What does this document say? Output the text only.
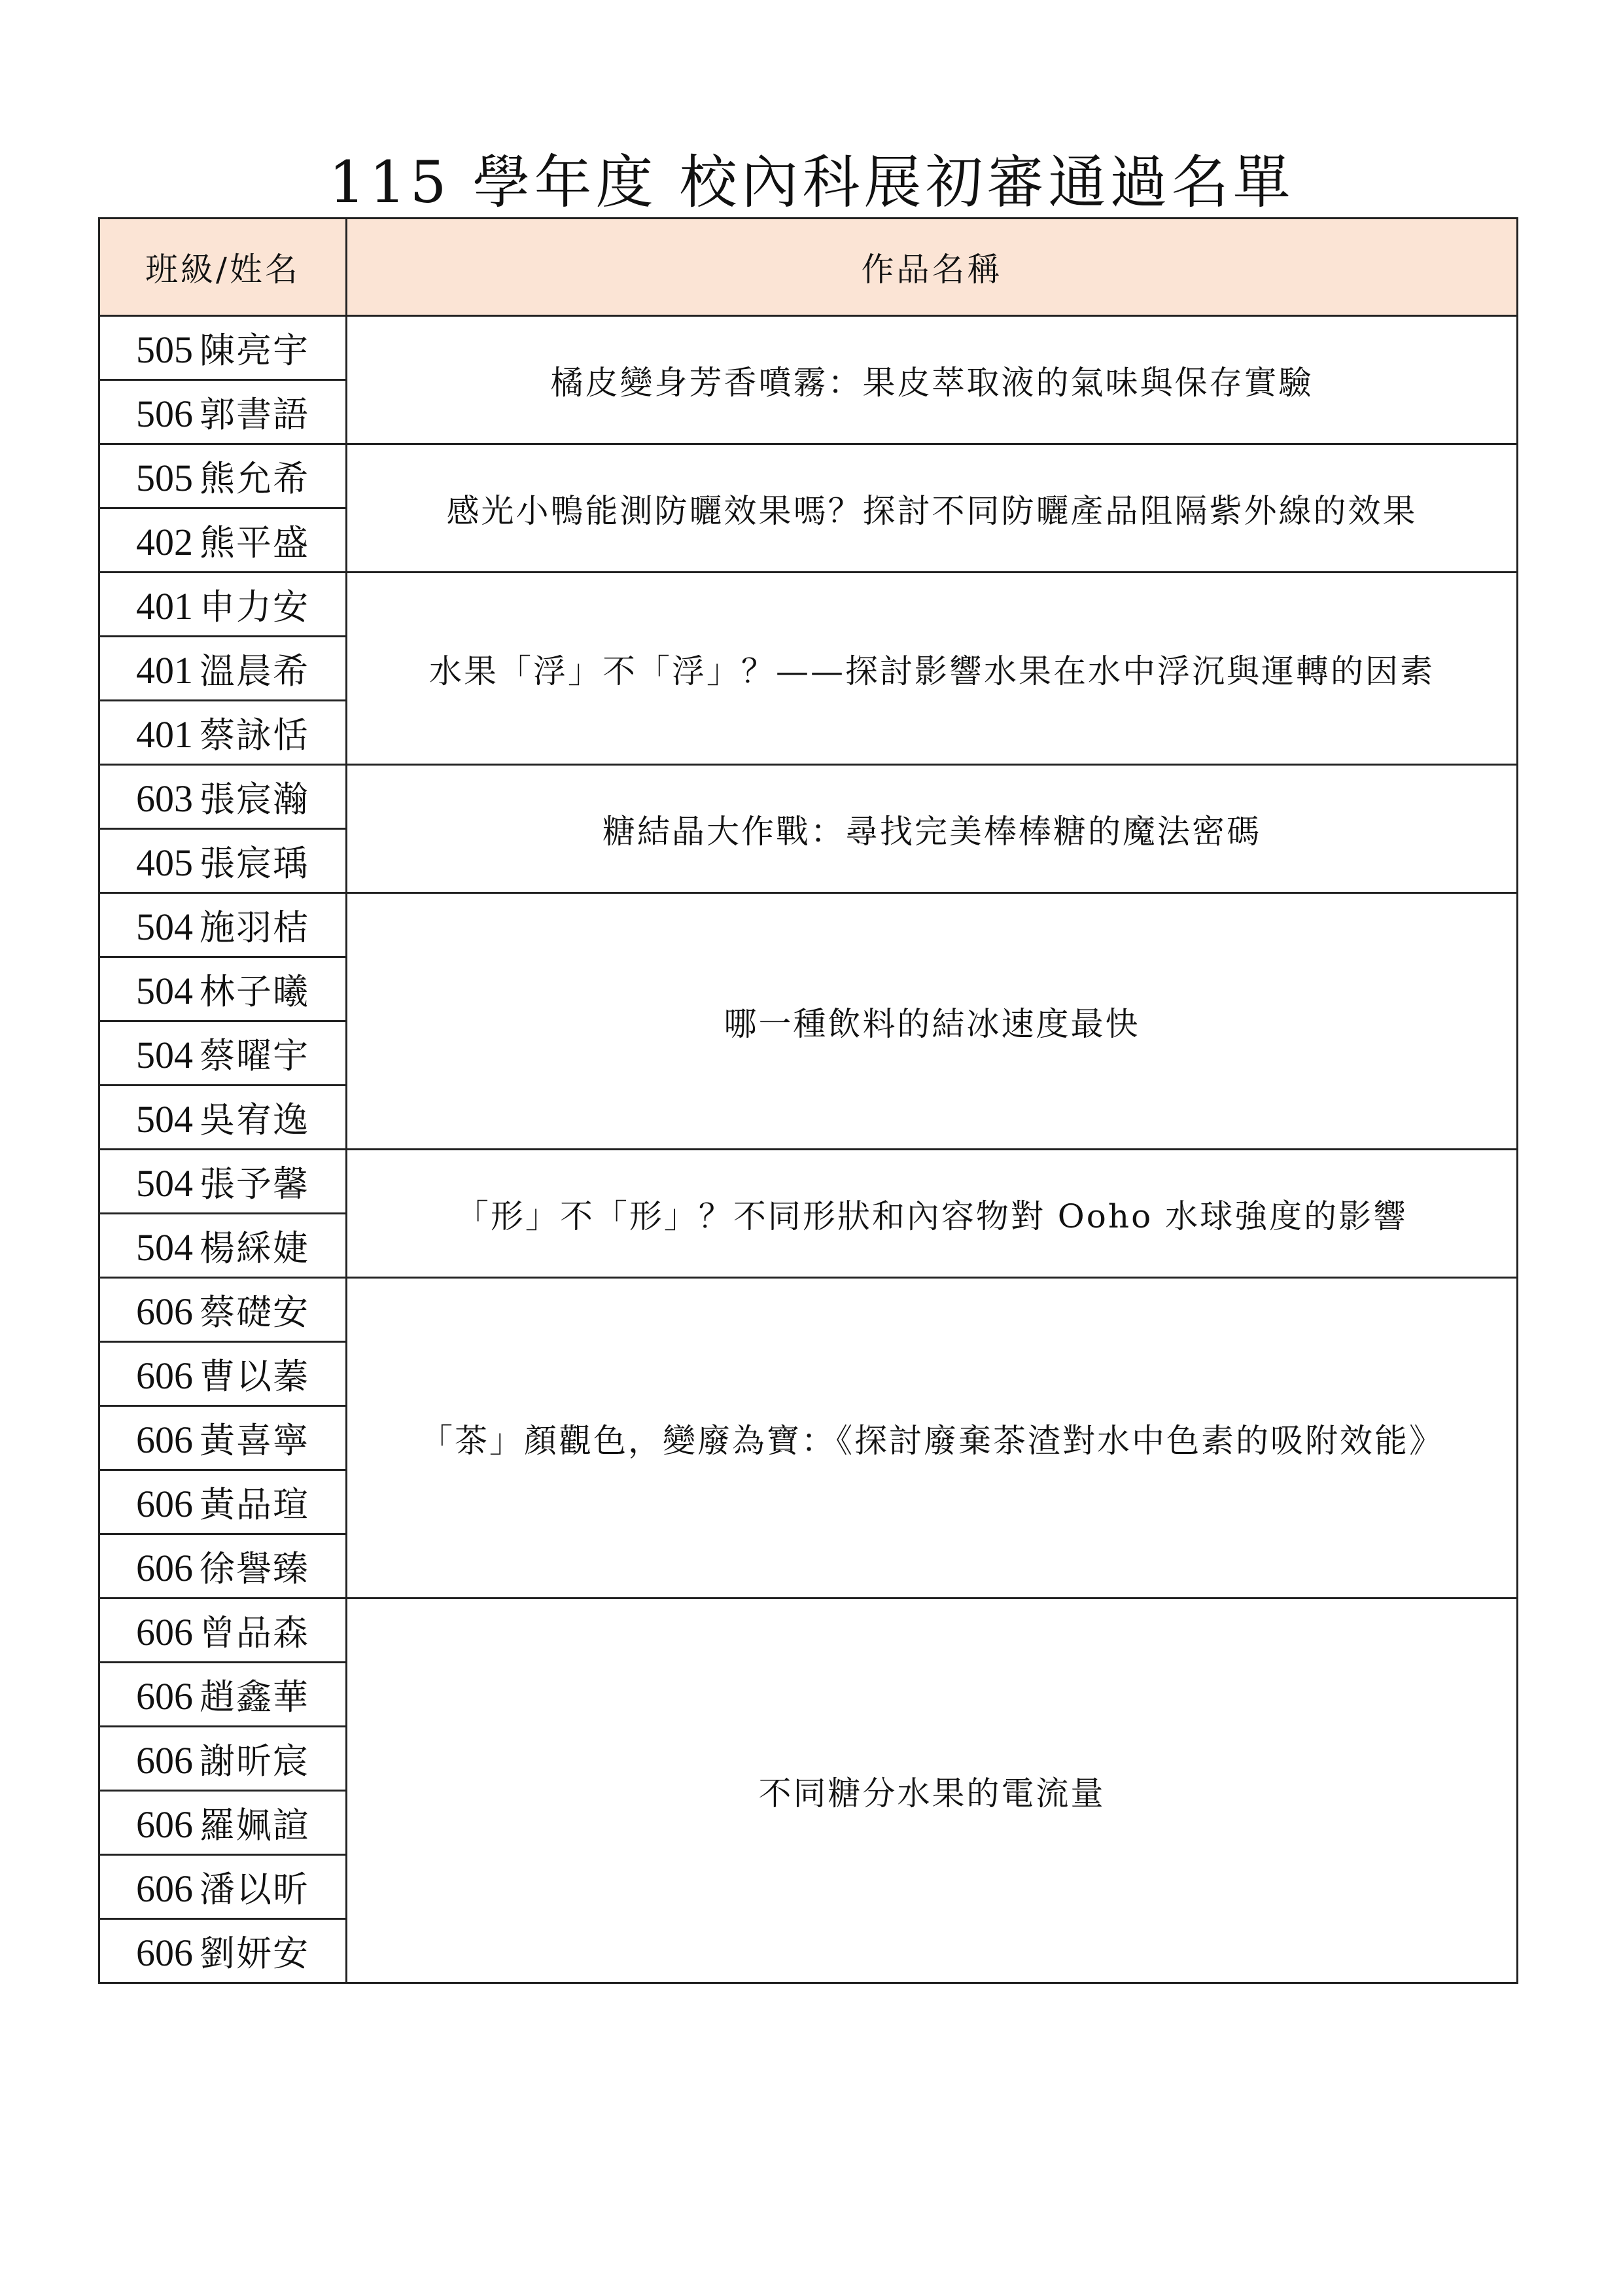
115 學年度 校內科展初審通過名單
班級/姓名	作品名稱
505 陳亮宇	橘皮變身芳香噴霧：果皮萃取液的氣味與保存實驗
506 郭書語	
505 熊允希	感光小鴨能測防曬效果嗎？探討不同防曬產品阻隔紫外線的效果
402 熊平盛	
401 申力安	水果「浮」不「浮」？——探討影響水果在水中浮沉與運轉的因素
401 溫晨希	
401 蔡詠恬	
603 張宸瀚	糖結晶大作戰：尋找完美棒棒糖的魔法密碼
405 張宸瑀	
504 施羽桔	哪一種飲料的結冰速度最快
504 林子曦	
504 蔡曜宇	
504 吳宥逸	
504 張予馨	「形」不「形」？不同形狀和內容物對 Ooho 水球強度的影響
504 楊綵婕	
606 蔡礎安	「茶」顏觀色，變廢為寶：《探討廢棄茶渣對水中色素的吸附效能》
606 曹以蓁	
606 黃喜寧	
606 黃品瑄	
606 徐譽臻	
606 曾品森	不同糖分水果的電流量
606 趙鑫華	
606 謝昕宸	
606 羅姵諠	
606 潘以昕	
606 劉妍安	
